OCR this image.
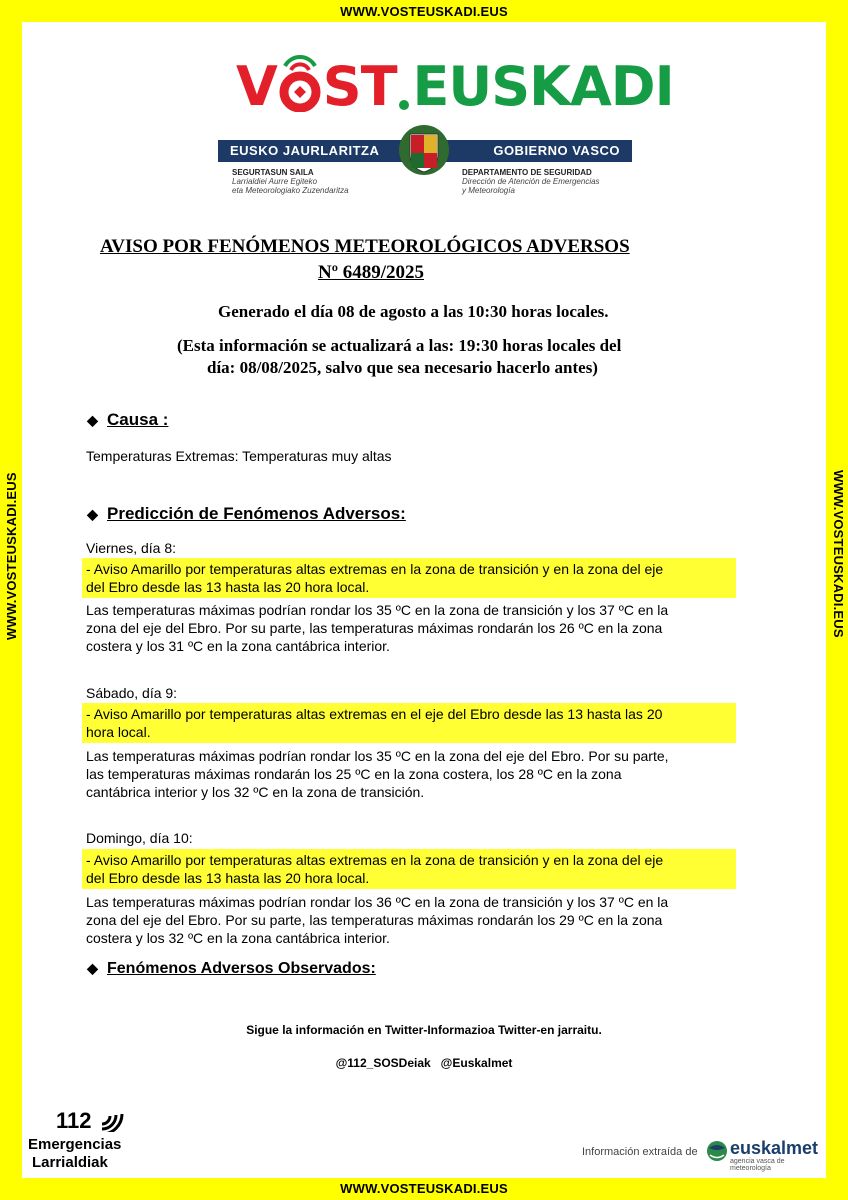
WWW.VOSTEUSKADI.EUS
WWW.VOSTEUSKADI.EUS
WWW.VOSTEUSKADI.EUS	WWW.VOSTEUSKADI.EUS
V ST EUSKADI
EUSKO JAURLARITZA	GOBIERNO VASCO
SEGURTASUN SAILA
Larrialdiei Aurre Egiteko
eta Meteorologiako Zuzendaritza
DEPARTAMENTO DE SEGURIDAD
Dirección de Atención de Emergencias
y Meteorología
AVISO POR FENÓMENOS METEOROLÓGICOS ADVERSOS
Nº 6489/2025
Generado el día 08 de agosto a las 10:30 horas locales.
(Esta información se actualizará a las: 19:30 horas locales del
día: 08/08/2025, salvo que sea necesario hacerlo antes)
◆ Causa :
Temperaturas Extremas: Temperaturas muy altas
◆ Predicción de Fenómenos Adversos:
Viernes, día 8:
- Aviso Amarillo por temperaturas altas extremas en la zona de transición y en la zona del eje
del Ebro desde las 13 hasta las 20 hora local.
Las temperaturas máximas podrían rondar los 35 ºC en la zona de transición y los 37 ºC en la
zona del eje del Ebro. Por su parte, las temperaturas máximas rondarán los 26 ºC en la zona
costera y los 31 ºC en la zona cantábrica interior.
Sábado, día 9:
- Aviso Amarillo por temperaturas altas extremas en el eje del Ebro desde las 13 hasta las 20
hora local.
Las temperaturas máximas podrían rondar los 35 ºC en la zona del eje del Ebro. Por su parte,
las temperaturas máximas rondarán los 25 ºC en la zona costera, los 28 ºC en la zona
cantábrica interior y los 32 ºC en la zona de transición.
Domingo, día 10:
- Aviso Amarillo por temperaturas altas extremas en la zona de transición y en la zona del eje
del Ebro desde las 13 hasta las 20 hora local.
Las temperaturas máximas podrían rondar los 36 ºC en la zona de transición y los 37 ºC en la
zona del eje del Ebro. Por su parte, las temperaturas máximas rondarán los 29 ºC en la zona
costera y los 32 ºC en la zona cantábrica interior.
◆ Fenómenos Adversos Observados:
Sigue la información en Twitter-Informazioa Twitter-en jarraitu.
@112_SOSDeiak   @Euskalmet
112
Emergencias
Larrialdiak
Información extraída de euskalmet
agencia vasca de meteorología
